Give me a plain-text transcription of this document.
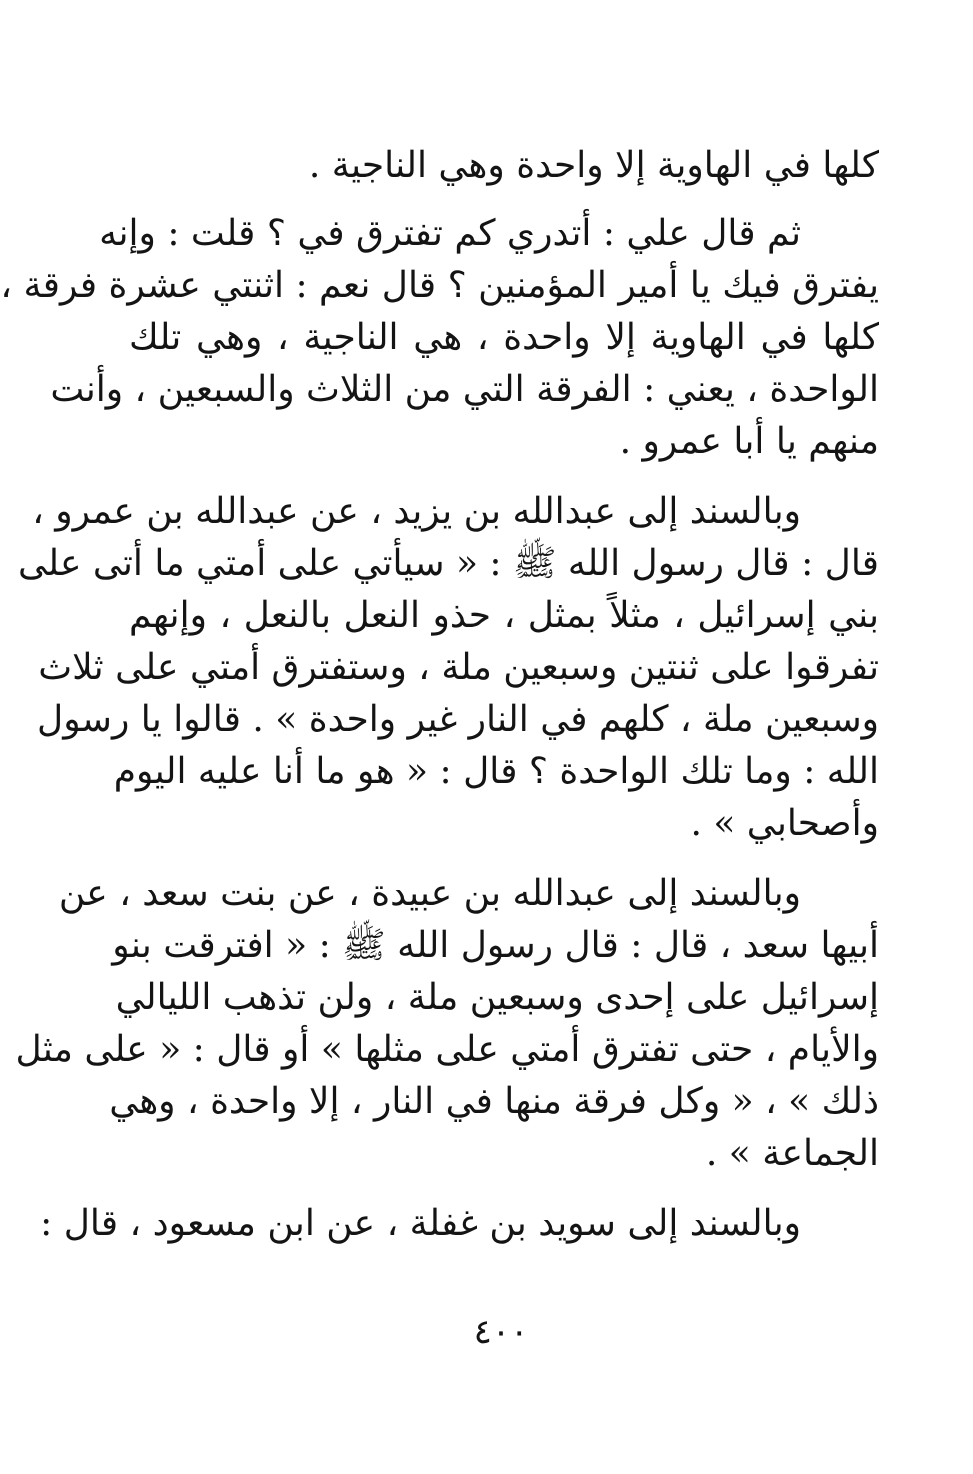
كلها في الهاوية إلا واحدة وهي الناجية .
ثم قال علي : أتدري كم تفترق في ؟ قلت : وإنه
يفترق فيك يا أمير المؤمنين ؟ قال نعم : اثنتي عشرة فرقة ،
كلها في الهاوية إلا واحدة ، هي الناجية ، وهي تلك
الواحدة ، يعني : الفرقة التي من الثلاث والسبعين ، وأنت
منهم يا أبا عمرو .
وبالسند إلى عبدالله بن يزيد ، عن عبدالله بن عمرو ،
قال : قال رسول الله ﷺ : « سيأتي على أمتي ما أتى على
بني إسرائيل ، مثلاً بمثل ، حذو النعل بالنعل ، وإنهم
تفرقوا على ثنتين وسبعين ملة ، وستفترق أمتي على ثلاث
وسبعين ملة ، كلهم في النار غير واحدة » . قالوا يا رسول
الله : وما تلك الواحدة ؟ قال : « هو ما أنا عليه اليوم
وأصحابي » .
وبالسند إلى عبدالله بن عبيدة ، عن بنت سعد ، عن
أبيها سعد ، قال : قال رسول الله ﷺ : « افترقت بنو
إسرائيل على إحدى وسبعين ملة ، ولن تذهب الليالي
والأيام ، حتى تفترق أمتي على مثلها » أو قال : « على مثل
ذلك » ، « وكل فرقة منها في النار ، إلا واحدة ، وهي
الجماعة » .
وبالسند إلى سويد بن غفلة ، عن ابن مسعود ، قال :
٤٠٠
